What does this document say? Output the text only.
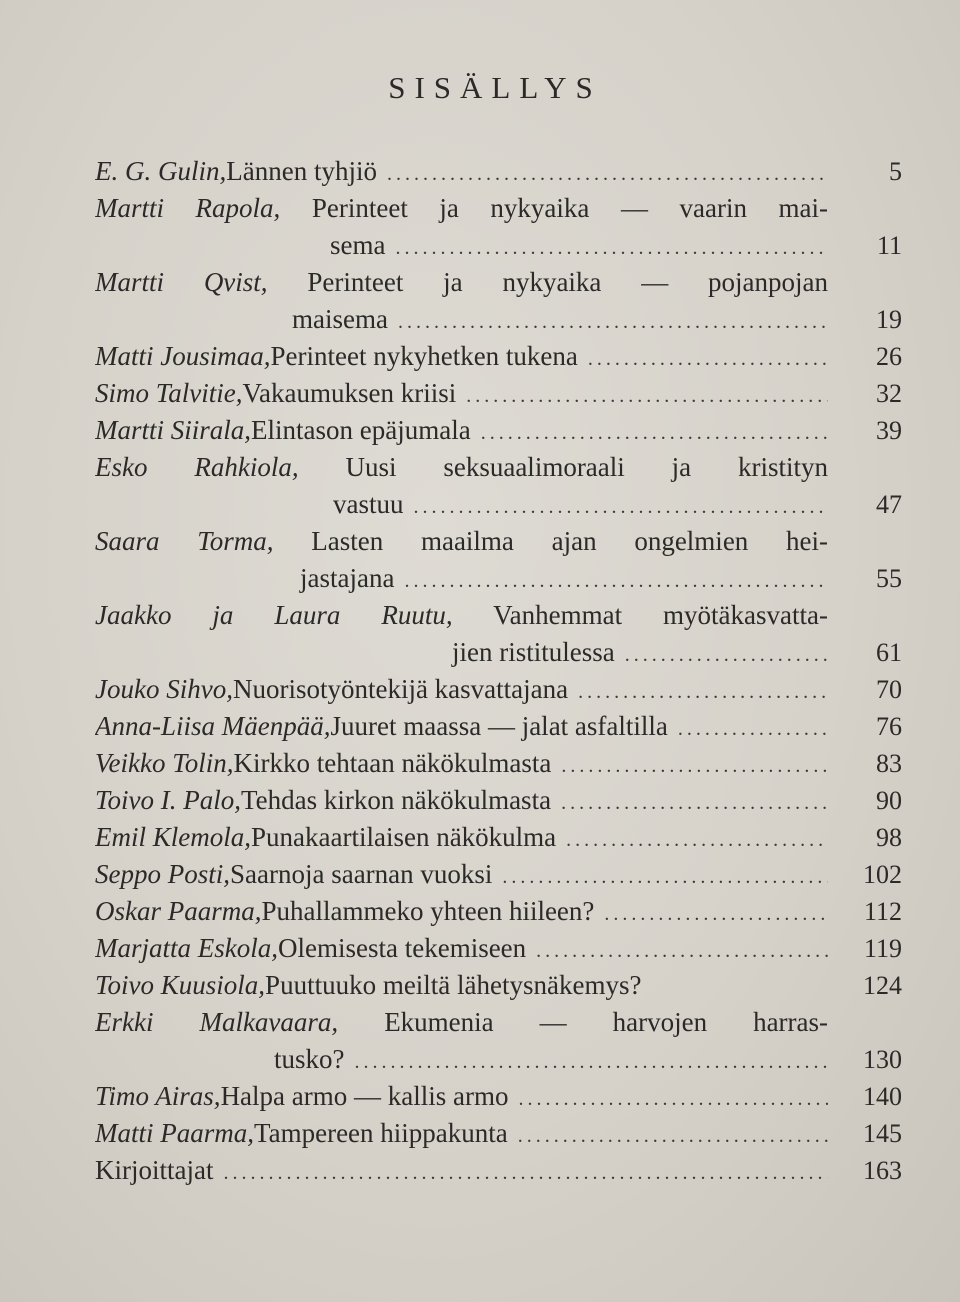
SISÄLLYS
E. G. Gulin, Lännen tyhjiö . . .	5
Martti Rapola, Perinteet ja nykyaika — vaarin mai-
sema . . .	11
Martti Qvist, Perinteet ja nykyaika — pojanpojan
maisema . . .	19
Matti Jousimaa, Perinteet nykyhetken tukena . . .	26
Simo Talvitie, Vakaumuksen kriisi . . .	32
Martti Siirala, Elintason epäjumala . . .	39
Esko Rahkiola, Uusi seksuaalimoraali ja kristityn
vastuu . . .	47
Saara Torma, Lasten maailma ajan ongelmien hei-
jastajana . . .	55
Jaakko ja Laura Ruutu, Vanhemmat myötäkasvatta-
jien ristitulessa . . .	61
Jouko Sihvo, Nuorisotyöntekijä kasvattajana . . .	70
Anna-Liisa Mäenpää, Juuret maassa — jalat asfaltilla . . .	76
Veikko Tolin, Kirkko tehtaan näkökulmasta . . .	83
Toivo I. Palo, Tehdas kirkon näkökulmasta . . .	90
Emil Klemola, Punakaartilaisen näkökulma . . .	98
Seppo Posti, Saarnoja saarnan vuoksi . . .	102
Oskar Paarma, Puhallammeko yhteen hiileen? . . .	112
Marjatta Eskola, Olemisesta tekemiseen . . .	119
Toivo Kuusiola, Puuttuuko meiltä lähetysnäkemys?	124
Erkki Malkavaara, Ekumenia — harvojen harras-
tusko? . . .	130
Timo Airas, Halpa armo — kallis armo . . .	140
Matti Paarma, Tampereen hiippakunta . . .	145
Kirjoittajat . . .	163
